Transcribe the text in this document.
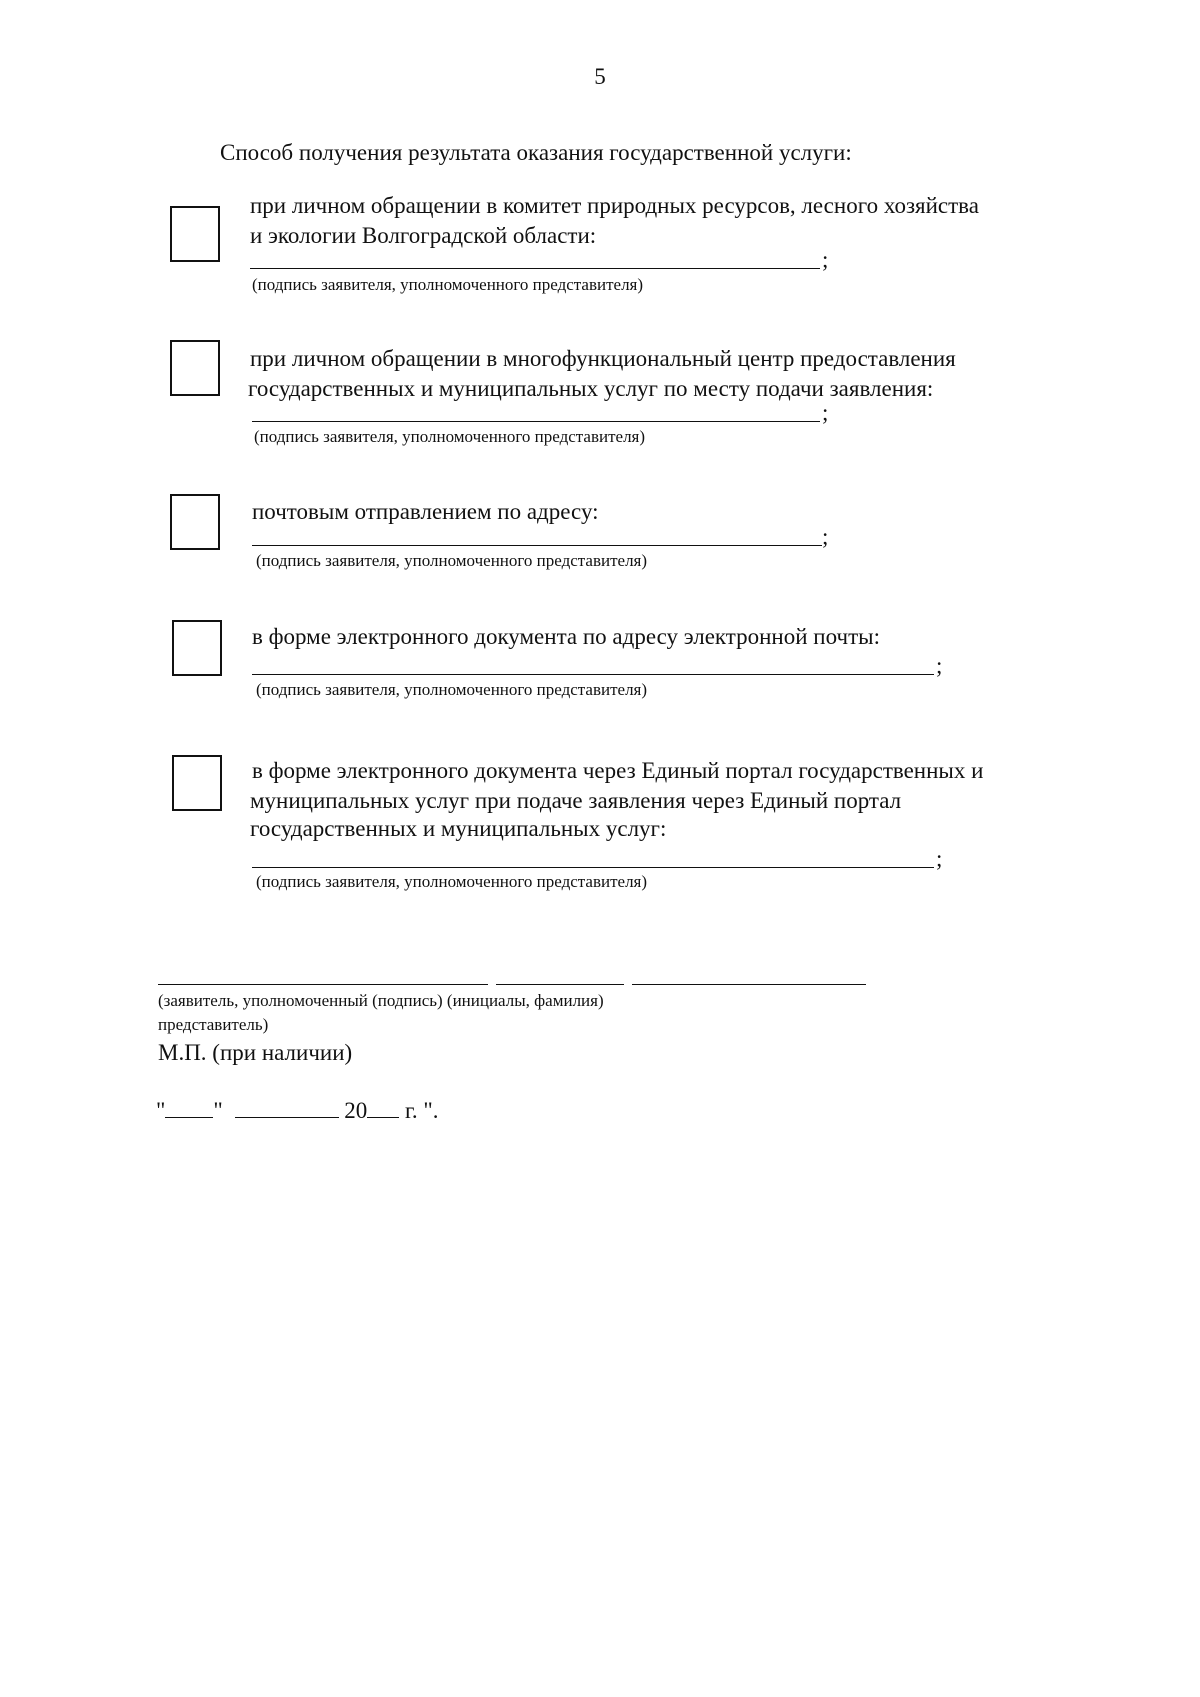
5
Способ получения результата оказания государственной услуги:
при личном обращении в комитет природных ресурсов, лесного хозяйства
и экологии Волгоградской области:
;
(подпись заявителя, уполномоченного представителя)
при личном обращении в многофункциональный центр предоставления
государственных и муниципальных услуг по месту подачи заявления:
;
(подпись заявителя, уполномоченного представителя)
почтовым отправлением по адресу:
;
(подпись заявителя, уполномоченного представителя)
в форме электронного документа по адресу электронной почты:
;
(подпись заявителя, уполномоченного представителя)
в форме электронного документа через Единый портал государственных и
муниципальных услуг при подаче заявления через Единый портал
государственных и муниципальных услуг:
;
(подпись заявителя, уполномоченного представителя)
(заявитель, уполномоченный (подпись) (инициалы, фамилия)
представитель)
М.П. (при наличии)
" "	20 г. ".
